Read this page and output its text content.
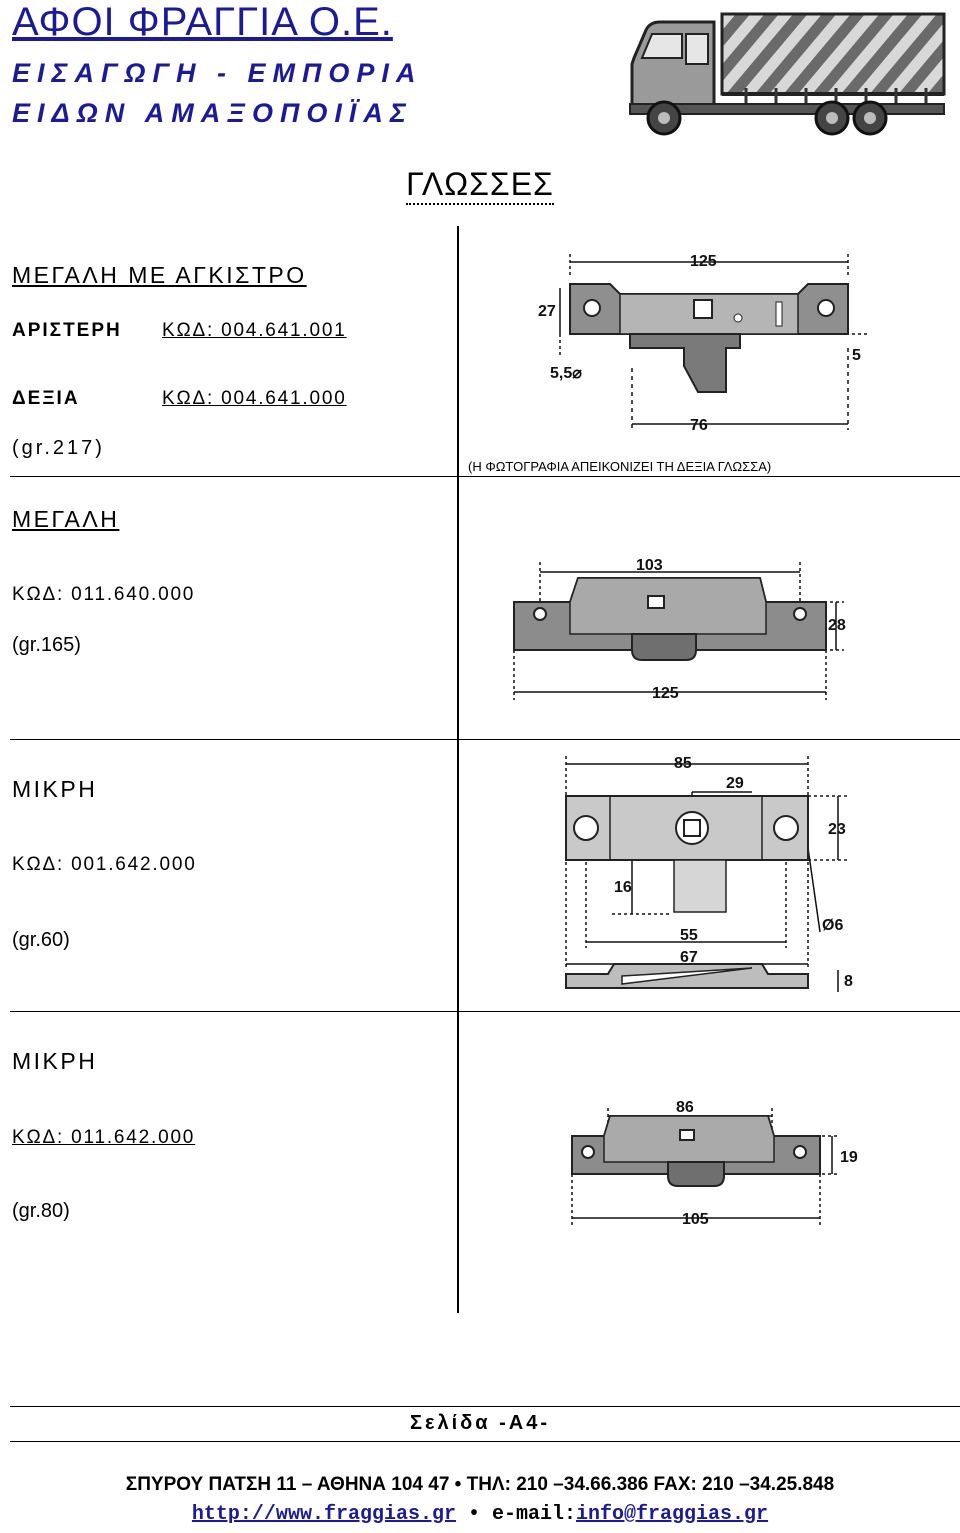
ΑΦΟΙ ΦΡΑΓΓΙΑ Ο.Ε.
ΕΙΣΑΓΩΓΗ - ΕΜΠΟΡΙΑ
ΕΙΔΩΝ ΑΜΑΞΟΠΟΙΪΑΣ
ΓΛΩΣΣΕΣ
ΜΕΓΑΛΗ ΜΕ ΑΓΚΙΣΤΡΟ
ΑΡΙΣΤΕΡΗ ΚΩΔ: 004.641.001
ΔΕΞΙΑ	ΚΩΔ: 004.641.000
(gr.217)
(Η ΦΩΤΟΓΡΑΦΙΑ ΑΠΕΙΚΟΝΙΖΕΙ ΤΗ ΔΕΞΙΑ ΓΛΩΣΣΑ)
125
27
5
5,5⌀
76
ΜΕΓΑΛΗ
ΚΩΔ: 011.640.000
(gr.165)
103
28
125
ΜΙΚΡΗ
ΚΩΔ: 001.642.000
(gr.60)
85
29
23
16
55
67
Ø6
8
ΜΙΚΡΗ
ΚΩΔ: 011.642.000
(gr.80)
86
19
105
Σελίδα -Α4-
ΣΠΥΡΟΥ ΠΑΤΣΗ 11 – ΑΘΗΝΑ 104 47 • ΤΗΛ: 210 –34.66.386 FAX: 210 –34.25.848
http://www.fraggias.gr • e-mail:info@fraggias.gr
